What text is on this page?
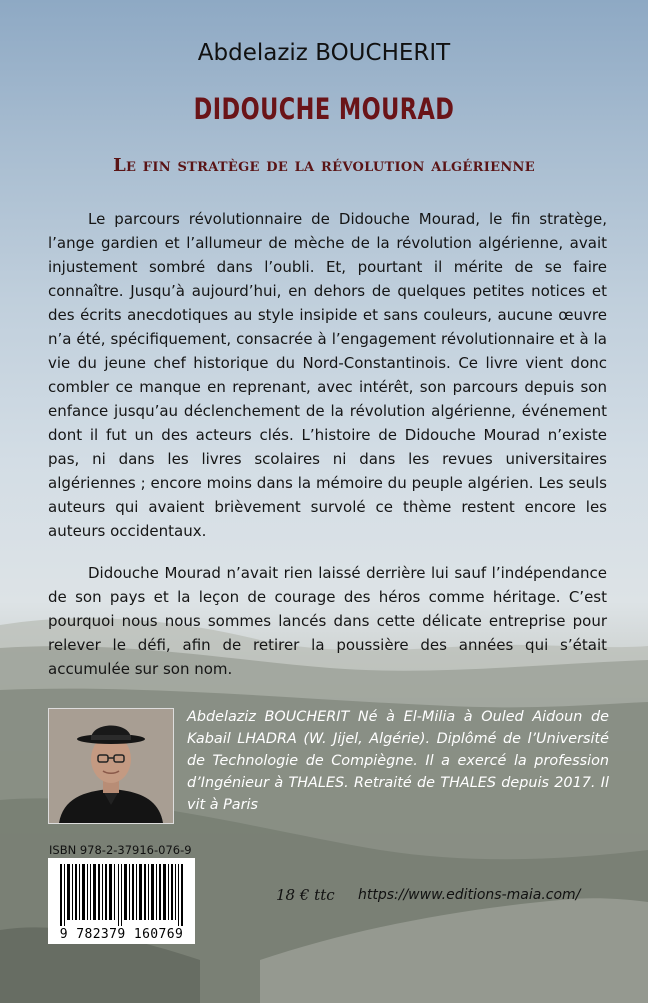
Abdelaziz BOUCHERIT
DIDOUCHE MOURAD
Le fin stratège de la révolution algérienne

Le parcours révolutionnaire de Didouche Mourad, le fin stratège, l’ange gardien et l’allumeur de mèche de la révolution algérienne, avait injustement sombré dans l’oubli. Et, pourtant il mérite de se faire connaître. Jusqu’à aujourd’hui, en dehors de quelques petites notices et des écrits anecdotiques au style insipide et sans couleurs, aucune œuvre n’a été, spécifiquement, consacrée à l’engagement révolutionnaire et à la vie du jeune chef historique du Nord-Constantinois. Ce livre vient donc combler ce manque en reprenant, avec intérêt, son parcours depuis son enfance jusqu’au déclenchement de la révolution algérienne, événement dont il fut un des acteurs clés. L’histoire de Didouche Mourad n’existe pas, ni dans les livres scolaires ni dans les revues universitaires algériennes ; encore moins dans la mémoire du peuple algérien. Les seuls auteurs qui avaient brièvement survolé ce thème restent encore les auteurs occidentaux.

Didouche Mourad n’avait rien laissé derrière lui sauf l’indépendance de son pays et la leçon de courage des héros comme héritage. C’est pourquoi nous nous sommes lancés dans cette délicate entreprise pour relever le défi, afin de retirer la poussière des années qui s’était accumulée sur son nom.

Abdelaziz BOUCHERIT Né à El-Milia à Ouled Aidoun de Kabail LHADRA (W. Jijel, Algérie). Diplômé de l’Université de Technologie de Compiègne. Il a exercé la profession d’Ingénieur à THALES. Retraité de THALES depuis 2017. Il vit à Paris
ISBN 978-2-37916-076-9
9 782379 160769
18 € ttc https://www.editions-maia.com/
